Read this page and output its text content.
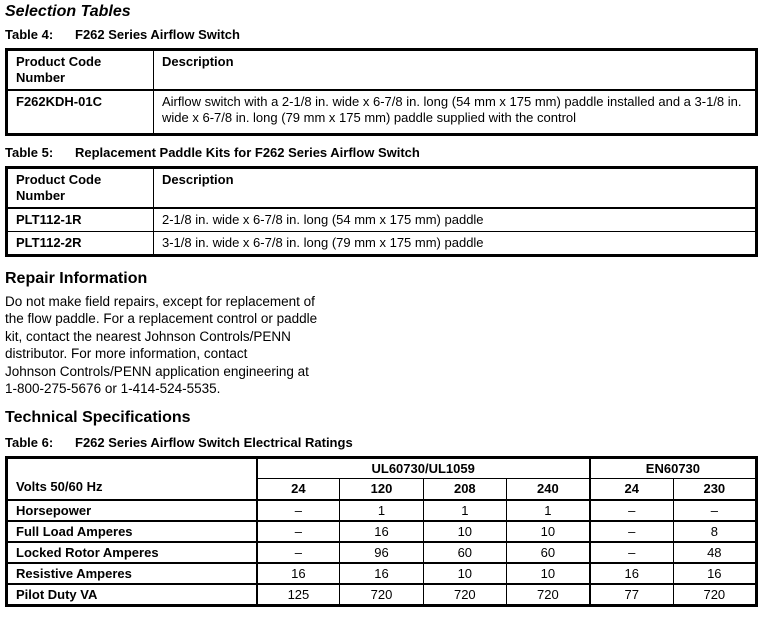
Selection Tables
Table 4: F262 Series Airflow Switch
Product Code Number	Description
F262KDH-01C	Airflow switch with a 2-1/8 in. wide x 6-7/8 in. long (54 mm x 175 mm) paddle installed and a 3-1/8 in. wide x 6-7/8 in. long (79 mm x 175 mm) paddle supplied with the control
Table 5: Replacement Paddle Kits for F262 Series Airflow Switch
Product Code Number	Description
PLT112-1R	2-1/8 in. wide x 6-7/8 in. long (54 mm x 175 mm) paddle
PLT112-2R	3-1/8 in. wide x 6-7/8 in. long (79 mm x 175 mm) paddle
Repair Information
Do not make field repairs, except for replacement of
the flow paddle. For a replacement control or paddle
kit, contact the nearest Johnson Controls/PENN
distributor. For more information, contact
Johnson Controls/PENN application engineering at
1-800-275-5676 or 1-414-524-5535.
Technical Specifications
Table 6: F262 Series Airflow Switch Electrical Ratings
Volts 50/60 Hz	UL60730/UL1059				EN60730	
	24	120	208	240	24	230
Horsepower	–	1	1	1	–	–
Full Load Amperes	–	16	10	10	–	8
Locked Rotor Amperes	–	96	60	60	–	48
Resistive Amperes	16	16	10	10	16	16
Pilot Duty VA	125	720	720	720	77	720
